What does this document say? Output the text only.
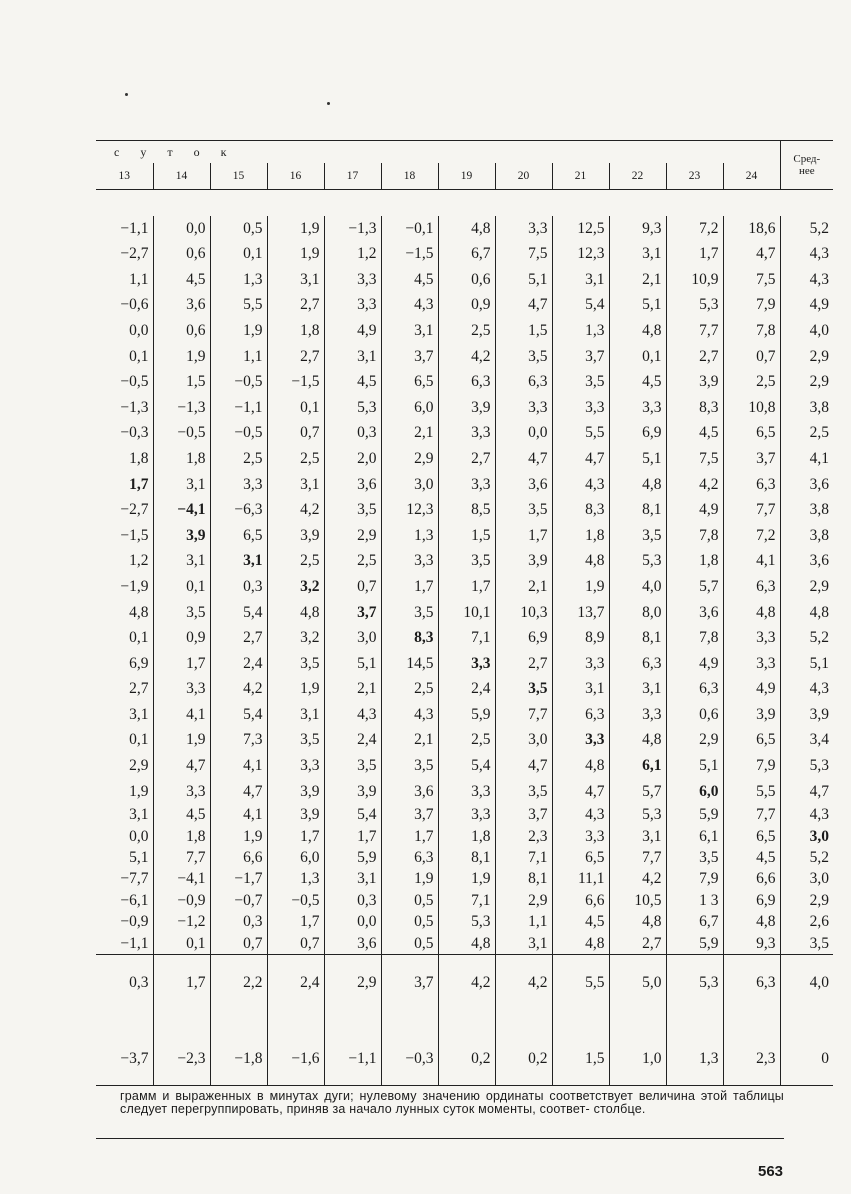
с у т о к												Сред-
нее
13	14	15	16	17	18	19	20	21	22	23	24	

−1,1	0,0	0,5	1,9	−1,3	−0,1	4,8	3,3	12,5	9,3	7,2	18,6	5,2
−2,7	0,6	0,1	1,9	1,2	−1,5	6,7	7,5	12,3	3,1	1,7	4,7	4,3
1,1	4,5	1,3	3,1	3,3	4,5	0,6	5,1	3,1	2,1	10,9	7,5	4,3
−0,6	3,6	5,5	2,7	3,3	4,3	0,9	4,7	5,4	5,1	5,3	7,9	4,9
0,0	0,6	1,9	1,8	4,9	3,1	2,5	1,5	1,3	4,8	7,7	7,8	4,0
0,1	1,9	1,1	2,7	3,1	3,7	4,2	3,5	3,7	0,1	2,7	0,7	2,9
−0,5	1,5	−0,5	−1,5	4,5	6,5	6,3	6,3	3,5	4,5	3,9	2,5	2,9
−1,3	−1,3	−1,1	0,1	5,3	6,0	3,9	3,3	3,3	3,3	8,3	10,8	3,8
−0,3	−0,5	−0,5	0,7	0,3	2,1	3,3	0,0	5,5	6,9	4,5	6,5	2,5
1,8	1,8	2,5	2,5	2,0	2,9	2,7	4,7	4,7	5,1	7,5	3,7	4,1
1,7	3,1	3,3	3,1	3,6	3,0	3,3	3,6	4,3	4,8	4,2	6,3	3,6
−2,7	−4,1	−6,3	4,2	3,5	12,3	8,5	3,5	8,3	8,1	4,9	7,7	3,8
−1,5	3,9	6,5	3,9	2,9	1,3	1,5	1,7	1,8	3,5	7,8	7,2	3,8
1,2	3,1	3,1	2,5	2,5	3,3	3,5	3,9	4,8	5,3	1,8	4,1	3,6
−1,9	0,1	0,3	3,2	0,7	1,7	1,7	2,1	1,9	4,0	5,7	6,3	2,9
4,8	3,5	5,4	4,8	3,7	3,5	10,1	10,3	13,7	8,0	3,6	4,8	4,8
0,1	0,9	2,7	3,2	3,0	8,3	7,1	6,9	8,9	8,1	7,8	3,3	5,2
6,9	1,7	2,4	3,5	5,1	14,5	3,3	2,7	3,3	6,3	4,9	3,3	5,1
2,7	3,3	4,2	1,9	2,1	2,5	2,4	3,5	3,1	3,1	6,3	4,9	4,3
3,1	4,1	5,4	3,1	4,3	4,3	5,9	7,7	6,3	3,3	0,6	3,9	3,9
0,1	1,9	7,3	3,5	2,4	2,1	2,5	3,0	3,3	4,8	2,9	6,5	3,4
2,9	4,7	4,1	3,3	3,5	3,5	5,4	4,7	4,8	6,1	5,1	7,9	5,3
1,9	3,3	4,7	3,9	3,9	3,6	3,3	3,5	4,7	5,7	6,0	5,5	4,7
3,1	4,5	4,1	3,9	5,4	3,7	3,3	3,7	4,3	5,3	5,9	7,7	4,3
0,0	1,8	1,9	1,7	1,7	1,7	1,8	2,3	3,3	3,1	6,1	6,5	3,0
5,1	7,7	6,6	6,0	5,9	6,3	8,1	7,1	6,5	7,7	3,5	4,5	5,2
−7,7	−4,1	−1,7	1,3	3,1	1,9	1,9	8,1	11,1	4,2	7,9	6,6	3,0
−6,1	−0,9	−0,7	−0,5	0,3	0,5	7,1	2,9	6,6	10,5	1 3	6,9	2,9
−0,9	−1,2	0,3	1,7	0,0	0,5	5,3	1,1	4,5	4,8	6,7	4,8	2,6
−1,1	0,1	0,7	0,7	3,6	0,5	4,8	3,1	4,8	2,7	5,9	9,3	3,5
0,3	1,7	2,2	2,4	2,9	3,7	4,2	4,2	5,5	5,0	5,3	6,3	4,0

−3,7	−2,3	−1,8	−1,6	−1,1	−0,3	0,2	0,2	1,5	1,0	1,3	2,3	0

грамм и выраженных в минутах дуги; нулевому значению ординаты соответствует величина этой таблицы следует перегруппировать, приняв за начало лунных суток моменты, соответ- столбце.

563
